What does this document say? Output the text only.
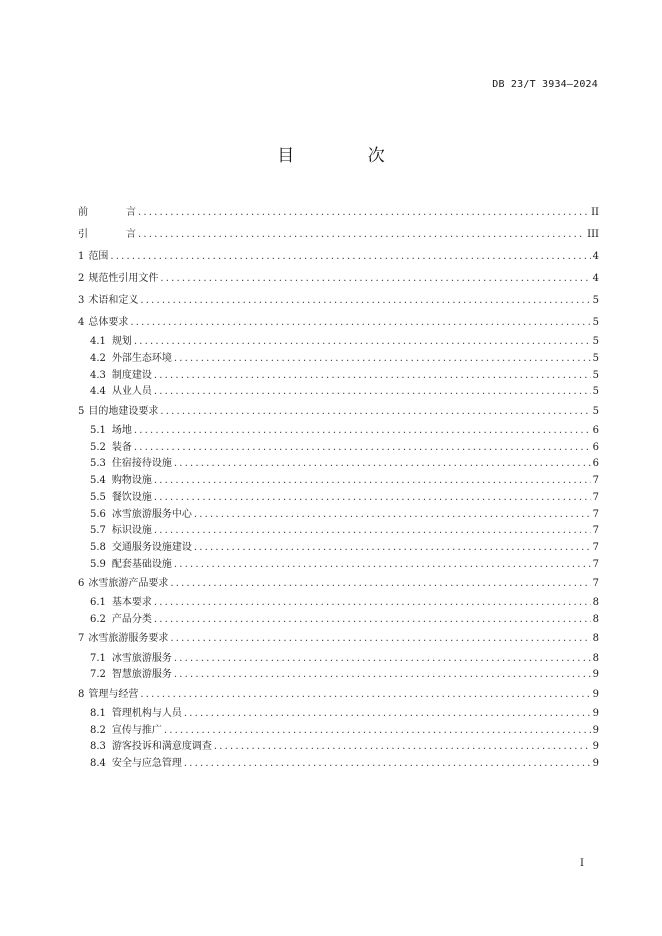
DB 23/T 3934—2024
目 次
前言 .....	II
引言 .....	III
1 范围 .....	4
2 规范性引用文件 .....	4
3 术语和定义 .....	5
4 总体要求 .....	5
4.1 规划 .....	5
4.2 外部生态环境 .....	5
4.3 制度建设 .....	5
4.4 从业人员 .....	5
5 目的地建设要求 .....	5
5.1 场地 .....	6
5.2 装备 .....	6
5.3 住宿接待设施 .....	6
5.4 购物设施 .....	7
5.5 餐饮设施 .....	7
5.6 冰雪旅游服务中心 .....	7
5.7 标识设施 .....	7
5.8 交通服务设施建设 .....	7
5.9 配套基础设施 .....	7
6 冰雪旅游产品要求 .....	7
6.1 基本要求 .....	8
6.2 产品分类 .....	8
7 冰雪旅游服务要求 .....	8
7.1 冰雪旅游服务 .....	8
7.2 智慧旅游服务 .....	9
8 管理与经营 .....	9
8.1 管理机构与人员 .....	9
8.2 宣传与推广 .....	9
8.3 游客投诉和满意度调查 .....	9
8.4 安全与应急管理 .....	9
I
